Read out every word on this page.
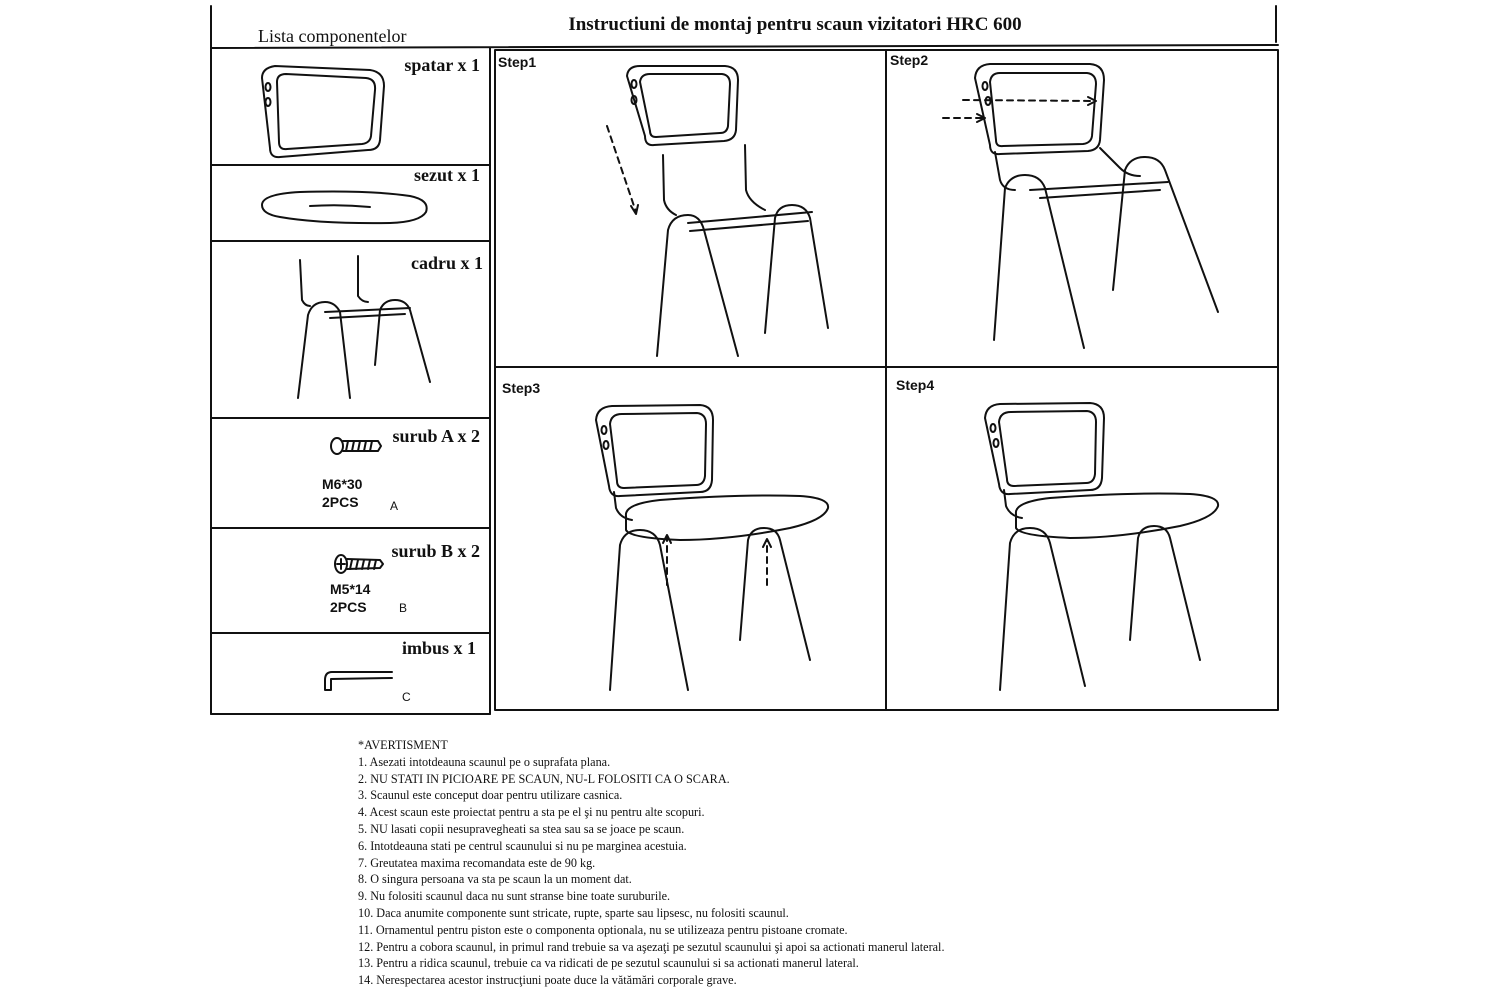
Instructiuni de montaj pentru scaun vizitatori HRC 600
Lista componentelor
spatar x 1
sezut x 1
cadru x 1
surub A x 2
surub B x 2
imbus x 1
M6*30
2PCS	A
M5*14
2PCS	B
C
Step1	Step2
Step3	Step4
*AVERTISMENT
1. Asezati intotdeauna scaunul pe o suprafata plana.
2. NU STATI IN PICIOARE PE SCAUN, NU-L FOLOSITI CA O SCARA.
3. Scaunul este conceput doar pentru utilizare casnica.
4. Acest scaun este proiectat pentru a sta pe el şi nu pentru alte scopuri.
5. NU lasati copii nesupravegheati sa stea sau sa se joace pe scaun.
6. Intotdeauna stati pe centrul scaunului si nu pe marginea acestuia.
7. Greutatea maxima recomandata este de 90 kg.
8. O singura persoana va sta pe scaun la un moment dat.
9. Nu folositi scaunul daca nu sunt stranse bine toate suruburile.
10. Daca anumite componente sunt stricate, rupte, sparte sau lipsesc, nu folositi scaunul.
11. Ornamentul pentru piston este o componenta optionala, nu se utilizeaza pentru pistoane cromate.
12. Pentru a cobora scaunul, in primul rand trebuie sa va aşezaţi pe sezutul scaunului şi apoi sa actionati manerul lateral.
13. Pentru a ridica scaunul, trebuie ca va ridicati de pe sezutul scaunului si sa actionati manerul lateral.
14. Nerespectarea acestor instrucţiuni poate duce la vătămări corporale grave.
